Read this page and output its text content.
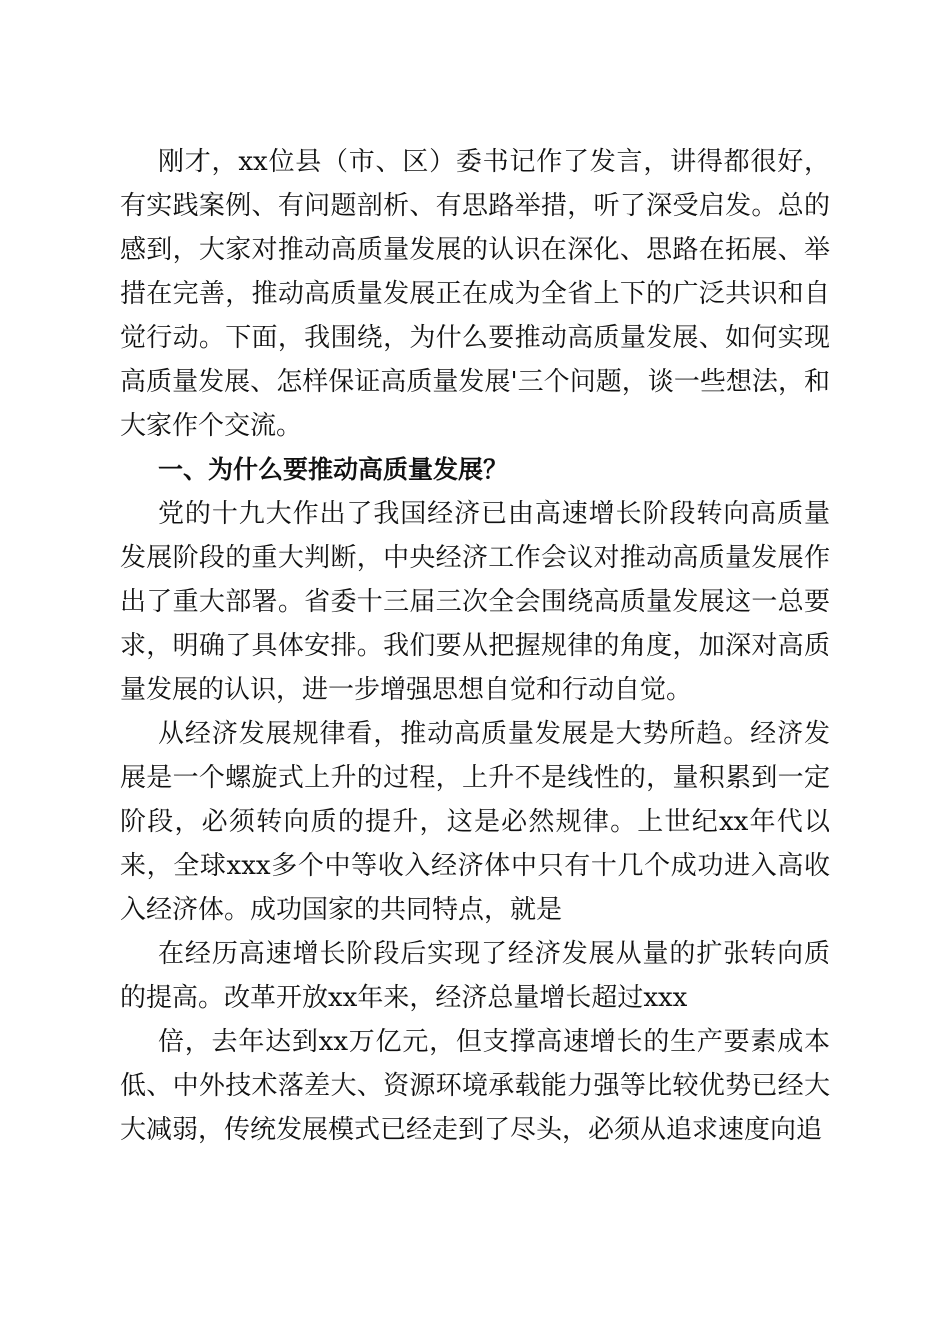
刚才，xx位县（市、区）委书记作了发言，讲得都很好，有实践案例、有问题剖析、有思路举措，听了深受启发。总的感到，大家对推动高质量发展的认识在深化、思路在拓展、举措在完善，推动高质量发展正在成为全省上下的广泛共识和自觉行动。下面，我围绕，为什么要推动高质量发展、如何实现高质量发展、怎样保证高质量发展'三个问题，谈一些想法，和大家作个交流。

一、为什么要推动高质量发展？

党的十九大作出了我国经济已由高速增长阶段转向高质量发展阶段的重大判断，中央经济工作会议对推动高质量发展作出了重大部署。省委十三届三次全会围绕高质量发展这一总要求，明确了具体安排。我们要从把握规律的角度，加深对高质量发展的认识，进一步增强思想自觉和行动自觉。

从经济发展规律看，推动高质量发展是大势所趋。经济发展是一个螺旋式上升的过程，上升不是线性的，量积累到一定阶段，必须转向质的提升，这是必然规律。上世纪xx年代以来，全球xxx多个中等收入经济体中只有十几个成功进入高收入经济体。成功国家的共同特点，就是

在经历高速增长阶段后实现了经济发展从量的扩张转向质的提高。改革开放xx年来，经济总量增长超过xxx

倍，去年达到xx万亿元，但支撑高速增长的生产要素成本低、中外技术落差大、资源环境承载能力强等比较优势已经大大减弱，传统发展模式已经走到了尽头，必须从追求速度向追
